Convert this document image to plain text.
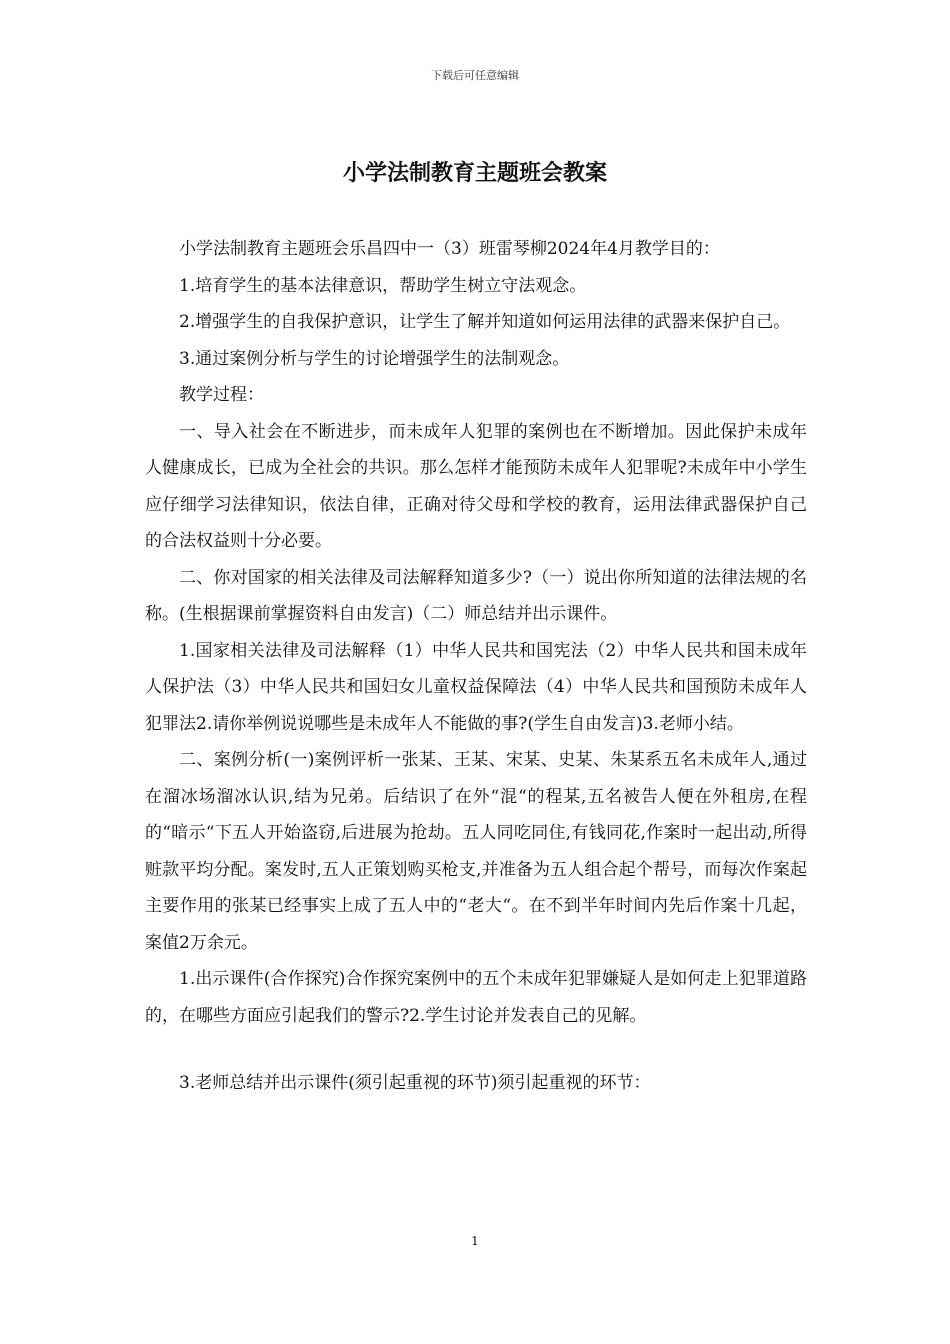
下载后可任意编辑
小学法制教育主题班会教案

小学法制教育主题班会乐昌四中一（3）班雷琴柳2024年4月教学目的：

1.培育学生的基本法律意识，帮助学生树立守法观念。

2.增强学生的自我保护意识，让学生了解并知道如何运用法律的武器来保护自己。

3.通过案例分析与学生的讨论增强学生的法制观念。

教学过程：

一、导入社会在不断进步，而未成年人犯罪的案例也在不断增加。因此保护未成年人健康成长，已成为全社会的共识。那么怎样才能预防未成年人犯罪呢?未成年中小学生应仔细学习法律知识，依法自律，正确对待父母和学校的教育，运用法律武器保护自己的合法权益则十分必要。

二、你对国家的相关法律及司法解释知道多少?（一）说出你所知道的法律法规的名称。(生根据课前掌握资料自由发言)（二）师总结并出示课件。

1.国家相关法律及司法解释（1）中华人民共和国宪法（2）中华人民共和国未成年人保护法（3）中华人民共和国妇女儿童权益保障法（4）中华人民共和国预防未成年人犯罪法2.请你举例说说哪些是未成年人不能做的事?(学生自由发言)3.老师小结。

二、案例分析(一)案例评析一张某、王某、宋某、史某、朱某系五名未成年人,通过在溜冰场溜冰认识,结为兄弟。后结识了在外“混“的程某,五名被告人便在外租房,在程的“暗示“下五人开始盗窃,后进展为抢劫。五人同吃同住,有钱同花,作案时一起出动,所得赃款平均分配。案发时,五人正策划购买枪支,并准备为五人组合起个帮号，而每次作案起主要作用的张某已经事实上成了五人中的“老大“。在不到半年时间内先后作案十几起，案值2万余元。

1.出示课件(合作探究)合作探究案例中的五个未成年犯罪嫌疑人是如何走上犯罪道路的，在哪些方面应引起我们的警示?2.学生讨论并发表自己的见解。

3.老师总结并出示课件(须引起重视的环节)须引起重视的环节：

1
